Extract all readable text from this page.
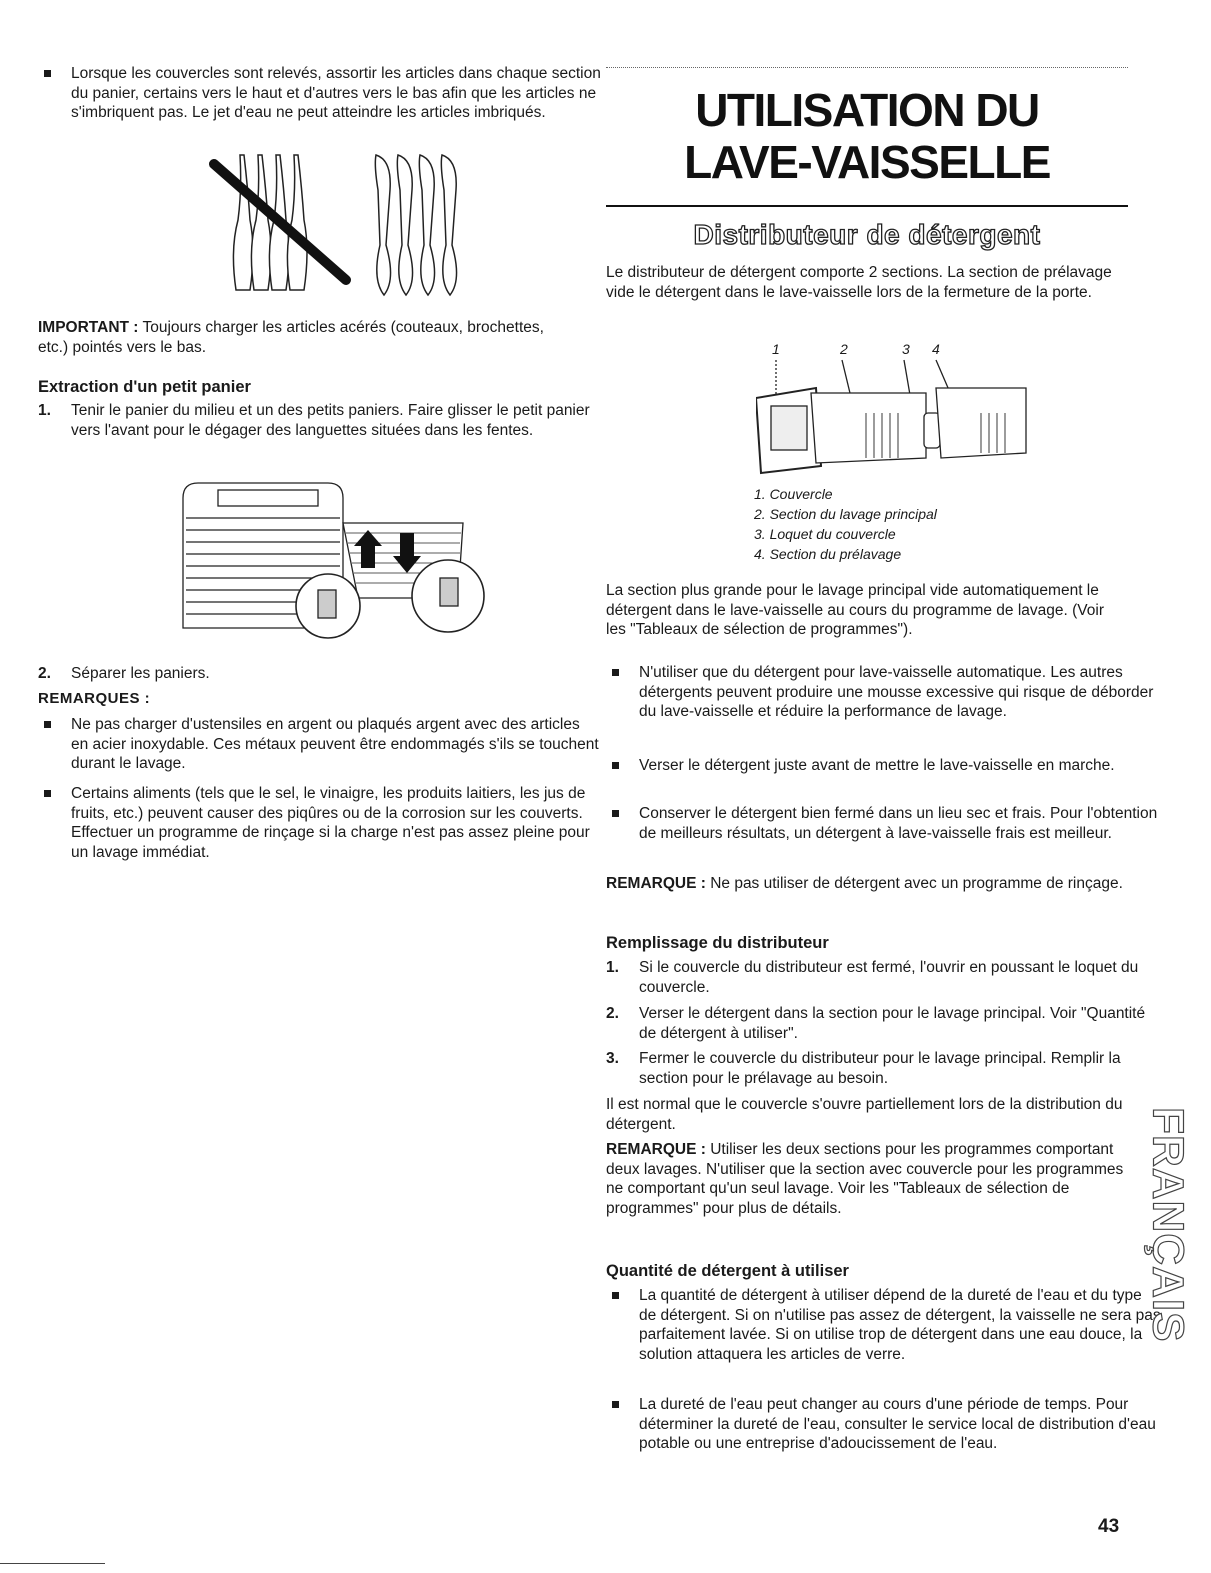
Lorsque les couvercles sont relevés, assortir les articles dans chaque section du panier, certains vers le haut et d'autres vers le bas afin que les articles ne s'imbriquent pas. Le jet d'eau ne peut atteindre les articles imbriqués.

IMPORTANT : Toujours charger les articles acérés (couteaux, brochettes, etc.) pointés vers le bas.

Extraction d'un petit panier
1. Tenir le panier du milieu et un des petits paniers. Faire glisser le petit panier vers l'avant pour le dégager des languettes situées dans les fentes.

2. Séparer les paniers.

REMARQUES :

Ne pas charger d'ustensiles en argent ou plaqués argent avec des articles en acier inoxydable. Ces métaux peuvent être endommagés s'ils se touchent durant le lavage.

Certains aliments (tels que le sel, le vinaigre, les produits laitiers, les jus de fruits, etc.) peuvent causer des piqûres ou de la corrosion sur les couverts. Effectuer un programme de rinçage si la charge n'est pas assez pleine pour un lavage immédiat.

UTILISATION DU
LAVE-VAISSELLE
Distributeur de détergent

Le distributeur de détergent comporte 2 sections. La section de prélavage vide le détergent dans le lave-vaisselle lors de la fermeture de la porte.

1	2	3 4
1. Couvercle
2. Section du lavage principal
3. Loquet du couvercle
4. Section du prélavage

La section plus grande pour le lavage principal vide automatiquement le détergent dans le lave-vaisselle au cours du programme de lavage. (Voir les "Tableaux de sélection de programmes").

N'utiliser que du détergent pour lave-vaisselle automatique. Les autres détergents peuvent produire une mousse excessive qui risque de déborder du lave-vaisselle et réduire la performance de lavage.

Verser le détergent juste avant de mettre le lave-vaisselle en marche.

Conserver le détergent bien fermé dans un lieu sec et frais. Pour l'obtention de meilleurs résultats, un détergent à lave-vaisselle frais est meilleur.

REMARQUE : Ne pas utiliser de détergent avec un programme de rinçage.

Remplissage du distributeur
1. Si le couvercle du distributeur est fermé, l'ouvrir en poussant le loquet du couvercle.

2. Verser le détergent dans la section pour le lavage principal. Voir "Quantité de détergent à utiliser".

3. Fermer le couvercle du distributeur pour le lavage principal. Remplir la section pour le prélavage au besoin.

Il est normal que le couvercle s'ouvre partiellement lors de la distribution du détergent.

REMARQUE : Utiliser les deux sections pour les programmes comportant deux lavages. N'utiliser que la section avec couvercle pour les programmes ne comportant qu'un seul lavage. Voir les "Tableaux de sélection de programmes" pour plus de détails.

Quantité de détergent à utiliser

La quantité de détergent à utiliser dépend de la dureté de l'eau et du type de détergent. Si on n'utilise pas assez de détergent, la vaisselle ne sera pas parfaitement lavée. Si on utilise trop de détergent dans une eau douce, la solution attaquera les articles de verre.

La dureté de l'eau peut changer au cours d'une période de temps. Pour déterminer la dureté de l'eau, consulter le service local de distribution d'eau potable ou une entreprise d'adoucissement de l'eau.

FRANÇAIS
43
